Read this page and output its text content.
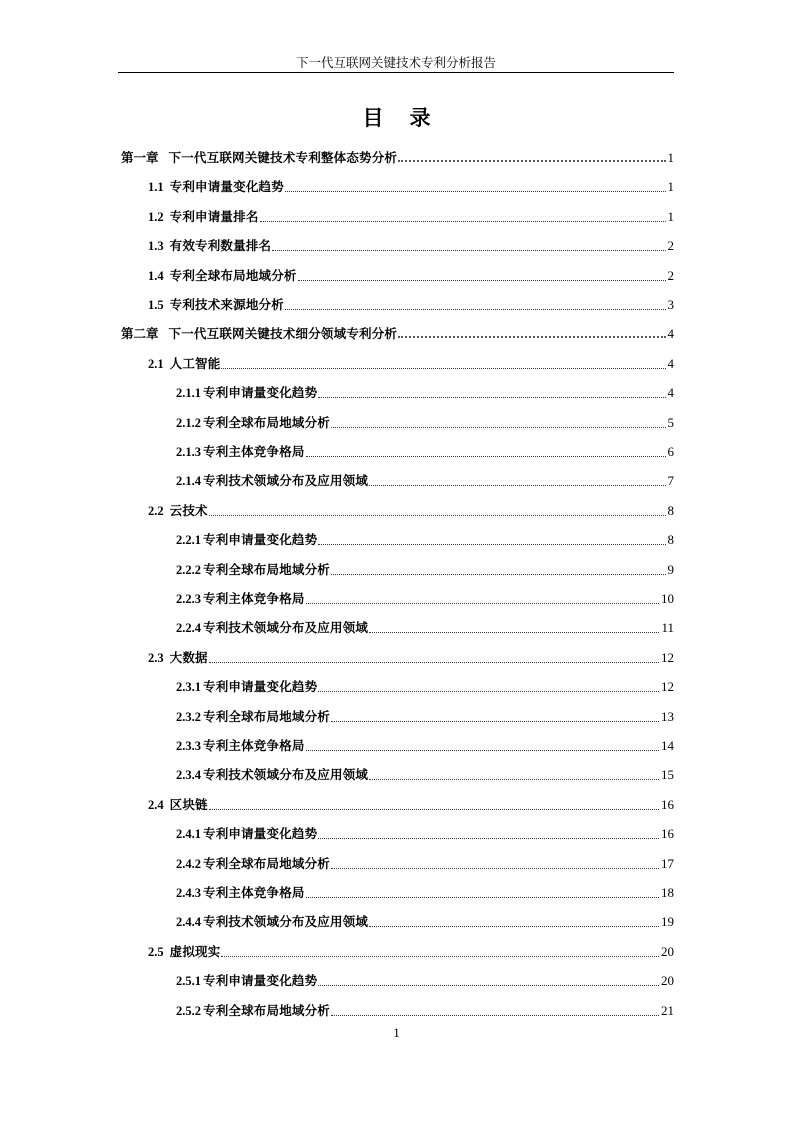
下一代互联网关键技术专利分析报告
目录
第一章 下一代互联网关键技术专利整体态势分析	1
1.1 专利申请量变化趋势	1
1.2 专利申请量排名	1
1.3 有效专利数量排名	2
1.4 专利全球布局地域分析	2
1.5 专利技术来源地分析	3
第二章 下一代互联网关键技术细分领域专利分析	4
2.1 人工智能	4
2.1.1 专利申请量变化趋势	4
2.1.2 专利全球布局地域分析	5
2.1.3 专利主体竞争格局	6
2.1.4 专利技术领域分布及应用领域	7
2.2 云技术	8
2.2.1 专利申请量变化趋势	8
2.2.2 专利全球布局地域分析	9
2.2.3 专利主体竞争格局	10
2.2.4 专利技术领域分布及应用领域	11
2.3 大数据	12
2.3.1 专利申请量变化趋势	12
2.3.2 专利全球布局地域分析	13
2.3.3 专利主体竞争格局	14
2.3.4 专利技术领域分布及应用领域	15
2.4 区块链	16
2.4.1 专利申请量变化趋势	16
2.4.2 专利全球布局地域分析	17
2.4.3 专利主体竞争格局	18
2.4.4 专利技术领域分布及应用领域	19
2.5 虚拟现实	20
2.5.1 专利申请量变化趋势	20
2.5.2 专利全球布局地域分析	21
1
